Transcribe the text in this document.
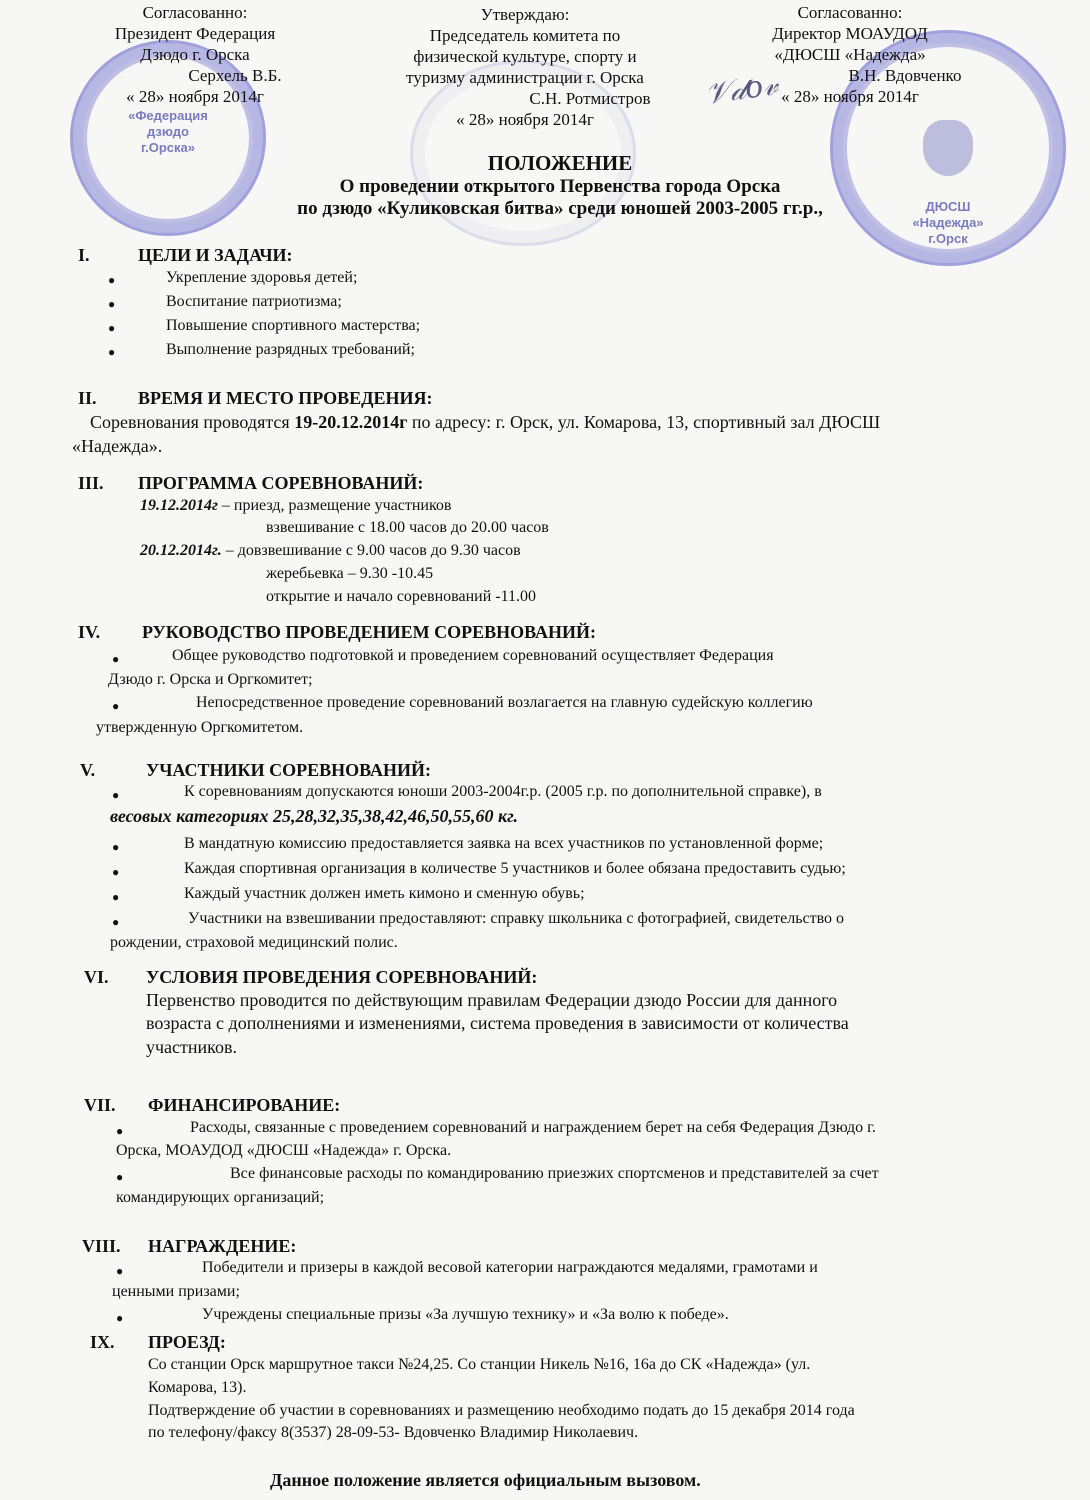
«Федерация дзюдо г.Орска»
ДЮСШ «Надежда» г.Орск
𝒱𝒹𝑜𝓋
Согласованно:
Президент Федерация
Дзюдо г. Орска
Серхель В.Б.
« 28» ноября 2014г
Утверждаю:
Председатель комитета по
физической культуре, спорту и
туризму администрации г. Орска
С.Н. Ротмистров
« 28» ноября 2014г
Согласованно:
Директор МОАУДОД
«ДЮСШ «Надежда»
В.Н. Вдовченко
« 28» ноября 2014г
ПОЛОЖЕНИЕ
О проведении открытого Первенства города Орска
по дзюдо «Куликовская битва» среди юношей 2003-2005 гг.р.,
I.	ЦЕЛИ И ЗАДАЧИ:
●	Укрепление здоровья детей;
●	Воспитание патриотизма;
●	Повышение спортивного мастерства;
●	Выполнение разрядных требований;
II. ВРЕМЯ И МЕСТО ПРОВЕДЕНИЯ:
Соревнования проводятся 19-20.12.2014г по адресу: г. Орск, ул. Комарова, 13, спортивный зал ДЮСШ
«Надежда».
III. ПРОГРАММА СОРЕВНОВАНИЙ:
19.12.2014г – приезд, размещение участников
взвешивание с 18.00 часов до 20.00 часов
20.12.2014г. – довзвешивание с 9.00 часов до 9.30 часов
жеребьевка – 9.30 -10.45
открытие и начало соревнований -11.00
IV. РУКОВОДСТВО ПРОВЕДЕНИЕМ СОРЕВНОВАНИЙ:
●	Общее руководство подготовкой и проведением соревнований осуществляет Федерация
Дзюдо г. Орска и Оргкомитет;
●	Непосредственное проведение соревнований возлагается на главную судейскую коллегию
утвержденную Оргкомитетом.
V.	УЧАСТНИКИ СОРЕВНОВАНИЙ:
●	К соревнованиям допускаются юноши 2003-2004г.р. (2005 г.р. по дополнительной справке), в
весовых категориях 25,28,32,35,38,42,46,50,55,60 кг.
●	В мандатную комиссию предоставляется заявка на всех участников по установленной форме;
●	Каждая спортивная организация в количестве 5 участников и более обязана предоставить судью;
●	Каждый участник должен иметь кимоно и сменную обувь;
●	Участники на взвешивании предоставляют: справку школьника с фотографией, свидетельство о
рождении, страховой медицинский полис.
VI. УСЛОВИЯ ПРОВЕДЕНИЯ СОРЕВНОВАНИЙ:
Первенство проводится по действующим правилам Федерации дзюдо России для данного
возраста с дополнениями и изменениями, система проведения в зависимости от количества
участников.
VII. ФИНАНСИРОВАНИЕ:
●	Расходы, связанные с проведением соревнований и награждением берет на себя Федерация Дзюдо г.
Орска, МОАУДОД «ДЮСШ «Надежда» г. Орска.
●	Все финансовые расходы по командированию приезжих спортсменов и представителей за счет
командирующих организаций;
VIII. НАГРАЖДЕНИЕ:
●	Победители и призеры в каждой весовой категории награждаются медалями, грамотами и
ценными призами;
●	Учреждены специальные призы «За лучшую технику» и «За волю к победе».
IX. ПРОЕЗД:
Со станции Орск маршрутное такси №24,25. Со станции Никель №16, 16а до СК «Надежда» (ул.
Комарова, 13).
Подтверждение об участии в соревнованиях и размещению необходимо подать до 15 декабря 2014 года
по телефону/факсу 8(3537) 28-09-53- Вдовченко Владимир Николаевич.
Данное положение является официальным вызовом.
